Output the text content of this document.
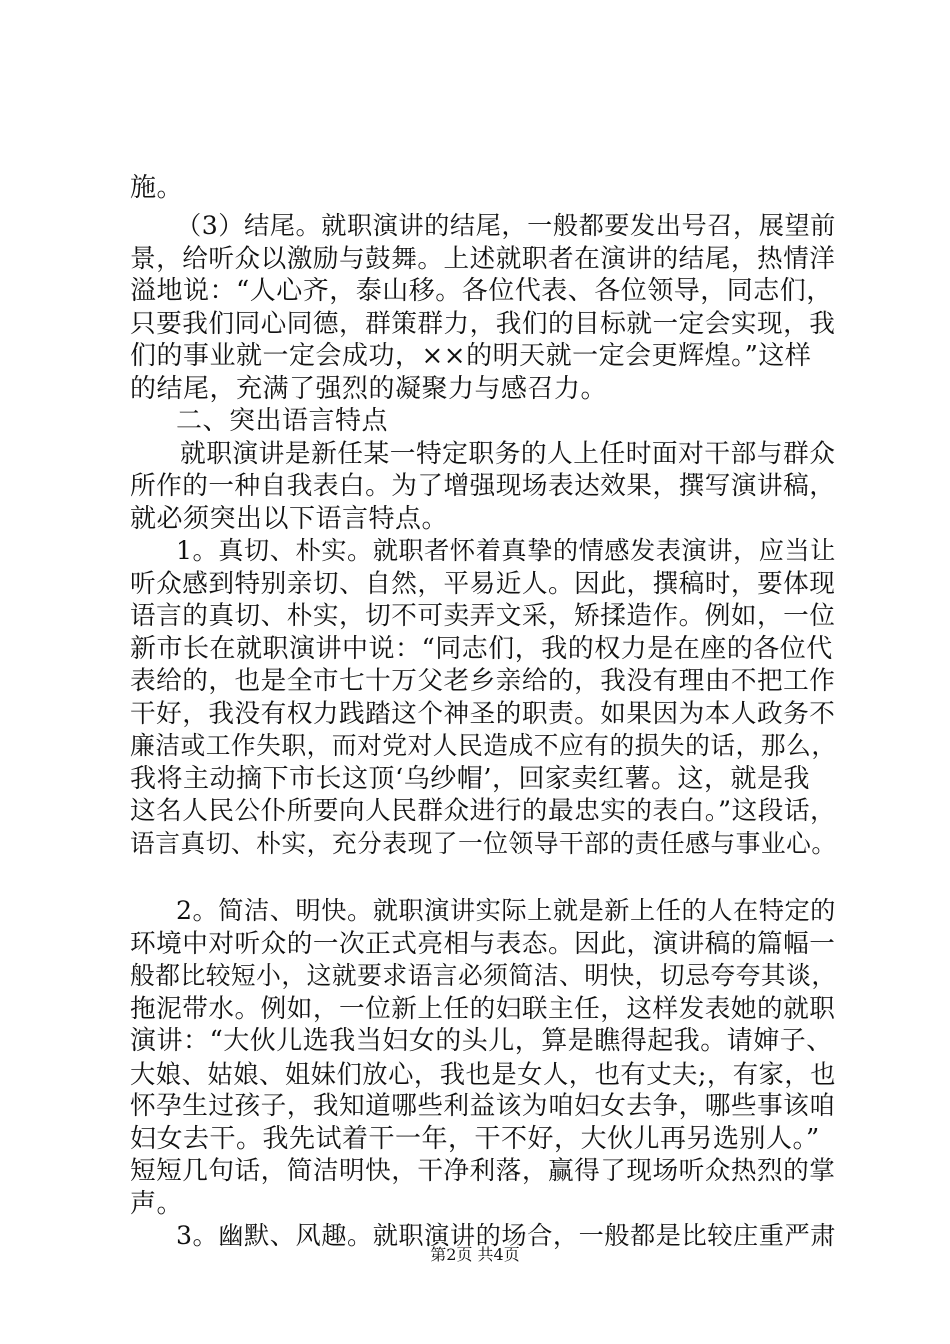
施。
（3）结尾。就职演讲的结尾，一般都要发出号召，展望前
景，给听众以激励与鼓舞。上述就职者在演讲的结尾，热情洋
溢地说：“人心齐，泰山移。各位代表、各位领导，同志们，
只要我们同心同德，群策群力，我们的目标就一定会实现，我
们的事业就一定会成功，××的明天就一定会更辉煌。”这样
的结尾，充满了强烈的凝聚力与感召力。
二、突出语言特点
就职演讲是新任某一特定职务的人上任时面对干部与群众
所作的一种自我表白。为了增强现场表达效果，撰写演讲稿，
就必须突出以下语言特点。
1。真切、朴实。就职者怀着真挚的情感发表演讲，应当让
听众感到特别亲切、自然，平易近人。因此，撰稿时，要体现
语言的真切、朴实，切不可卖弄文采，矫揉造作。例如，一位
新市长在就职演讲中说：“同志们，我的权力是在座的各位代
表给的，也是全市七十万父老乡亲给的，我没有理由不把工作
干好，我没有权力践踏这个神圣的职责。如果因为本人政务不
廉洁或工作失职，而对党对人民造成不应有的损失的话，那么，
我将主动摘下市长这顶‘乌纱帽’，回家卖红薯。这，就是我
这名人民公仆所要向人民群众进行的最忠实的表白。”这段话，
语言真切、朴实，充分表现了一位领导干部的责任感与事业心。
2。简洁、明快。就职演讲实际上就是新上任的人在特定的
环境中对听众的一次正式亮相与表态。因此，演讲稿的篇幅一
般都比较短小，这就要求语言必须简洁、明快，切忌夸夸其谈，
拖泥带水。例如，一位新上任的妇联主任，这样发表她的就职
演讲：“大伙儿选我当妇女的头儿，算是瞧得起我。请婶子、
大娘、姑娘、姐妹们放心，我也是女人，也有丈夫;，有家，也
怀孕生过孩子，我知道哪些利益该为咱妇女去争，哪些事该咱
妇女去干。我先试着干一年，干不好，大伙儿再另选别人。”
短短几句话，简洁明快，干净利落，赢得了现场听众热烈的掌
声。
3。幽默、风趣。就职演讲的场合，一般都是比较庄重严肃
第2页 共4页
